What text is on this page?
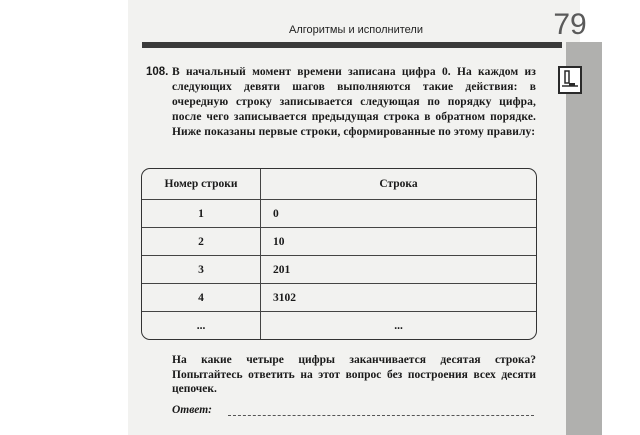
Алгоритмы и исполнители	79
108. В начальный момент времени записана цифра 0. На каждом из следующих девяти шагов выполняются такие действия: в очередную строку записывается следующая по порядку цифра, после чего записывается предыдущая строка в обратном порядке. Ниже показаны первые строки, сформированные по этому правилу:
Номер строки	Строка
1	0
2	10
3	201
4	3102
...	...
На какие четыре цифры заканчивается десятая строка? Попытайтесь ответить на этот вопрос без построения всех десяти цепочек.
Ответ:
